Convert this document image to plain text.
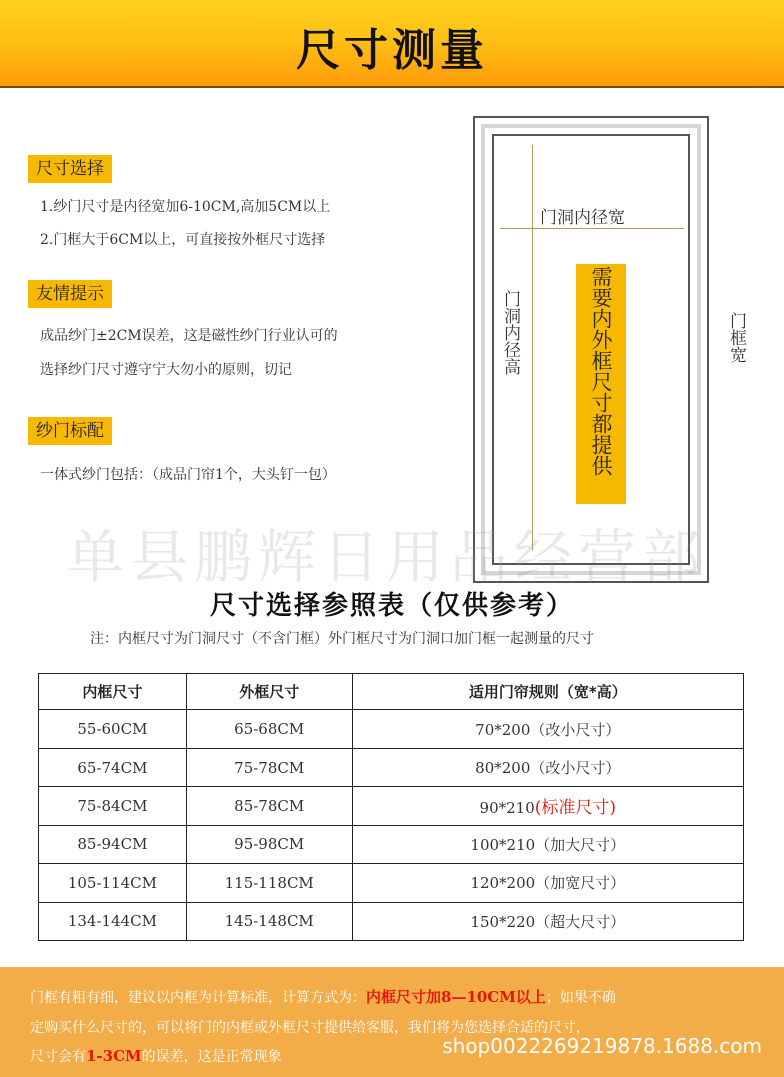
尺寸测量
尺寸选择
1.纱门尺寸是内径宽加6-10CM,高加5CM以上
2.门框大于6CM以上，可直接按外框尺寸选择
友情提示
成品纱门±2CM误差，这是磁性纱门行业认可的
选择纱门尺寸遵守宁大勿小的原则，切记
纱门标配
一体式纱门包括：（成品门帘1个，大头钉一包）
门洞内径宽
门洞内径高	门框宽
需要内外框尺寸都提供
单县鹏辉日用品经营部
尺寸选择参照表（仅供参考）
注：内框尺寸为门洞尺寸（不含门框）外门框尺寸为门洞口加门框一起测量的尺寸
内框尺寸	外框尺寸	适用门帘规则（宽*高）
55-60CM	65-68CM	70*200（改小尺寸）
65-74CM	75-78CM	80*200（改小尺寸）
75-84CM	85-78CM	90*210(标准尺寸)
85-94CM	95-98CM	100*210（加大尺寸）
105-114CM	115-118CM	120*200（加宽尺寸）
134-144CM	145-148CM	150*220（超大尺寸）
门框有粗有细，建议以内框为计算标准，计算方式为：内框尺寸加8—10CM以上；如果不确
定购买什么尺寸的，可以将门的内框或外框尺寸提供给客服，我们将为您选择合适的尺寸，
尺寸会有1-3CM的误差，这是正常现象	shop0022269219878.1688.com
